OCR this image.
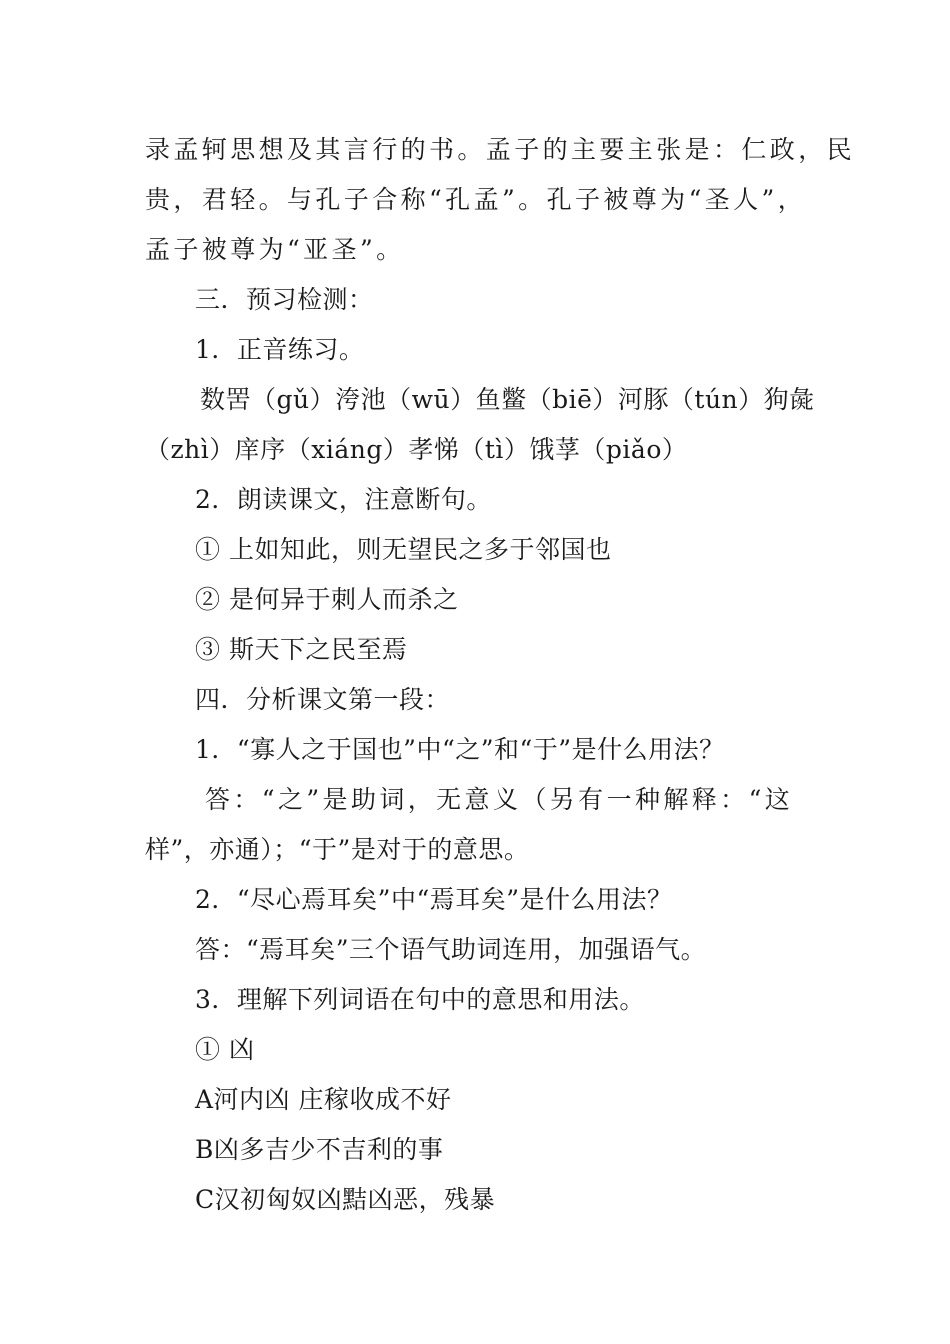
录孟轲思想及其言行的书。孟子的主要主张是：仁政，民
贵，君轻。与孔子合称“孔孟”。孔子被尊为“圣人”，
孟子被尊为“亚圣”。
三．预习检测：
1．正音练习。
数罟（gǔ）洿池（wū）鱼鳖（biē）河豚（tún）狗彘
（zhì）庠序（xiáng）孝悌（tì）饿莩（piǎo）
2．朗读课文，注意断句。
① 上如知此，则无望民之多于邻国也
② 是何异于刺人而杀之
③ 斯天下之民至焉
四．分析课文第一段：
1．“寡人之于国也”中“之”和“于”是什么用法？
答：“之”是助词，无意义（另有一种解释：“这
样”，亦通）；“于”是对于的意思。
2．“尽心焉耳矣”中“焉耳矣”是什么用法？
答：“焉耳矣”三个语气助词连用，加强语气。
3．理解下列词语在句中的意思和用法。
① 凶
A河内凶 庄稼收成不好
B凶多吉少不吉利的事
C汉初匈奴凶黠凶恶，残暴
